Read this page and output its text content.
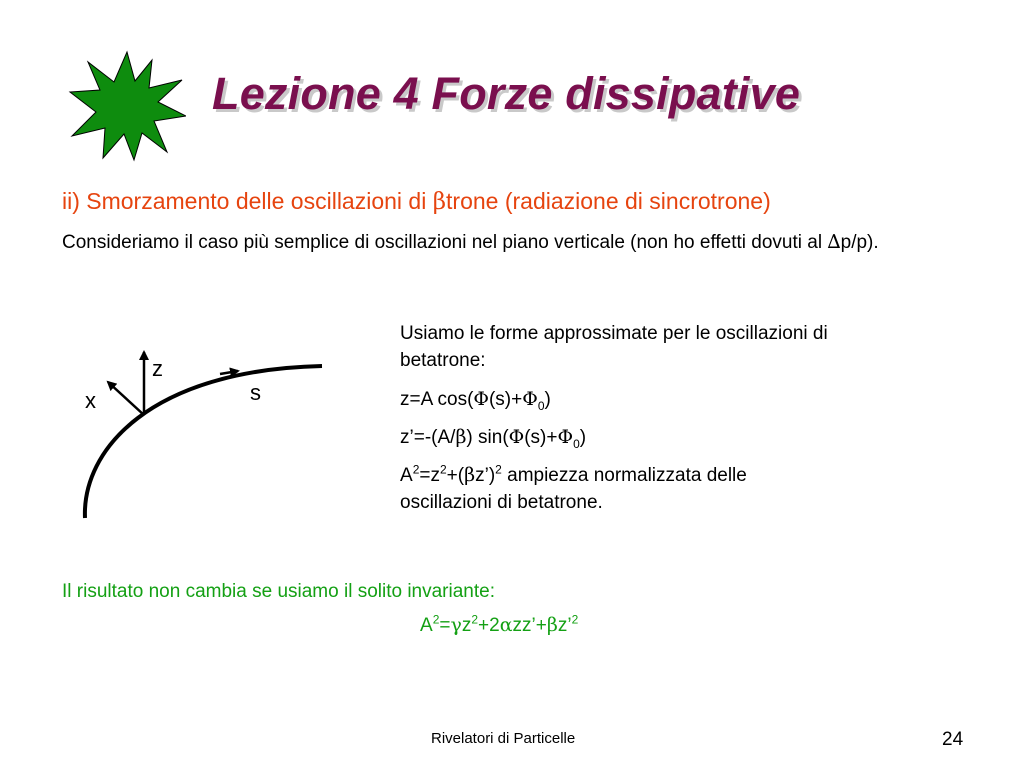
Lezione 4 Forze dissipative
ii) Smorzamento delle oscillazioni di βtrone (radiazione di sincrotrone)
Consideriamo il caso più semplice di oscillazioni nel piano verticale (non ho effetti dovuti al ∆p/p).
z
s
x

Usiamo le forme approssimate per le oscillazioni di betatrone:

z=A $\cos(\Phi(s)+\Phi_0)$

z’=-(A/β) $\sin(\Phi(s)+\Phi_0)$

$A^2=z^2+(\beta z’)^2$ ampiezza normalizzata delle oscillazioni di betatrone.

Il risultato non cambia se usiamo il solito invariante:
$A^2=\gamma z^2+2\alpha zz’+\beta z’^2$
Rivelatori di Particelle	24
